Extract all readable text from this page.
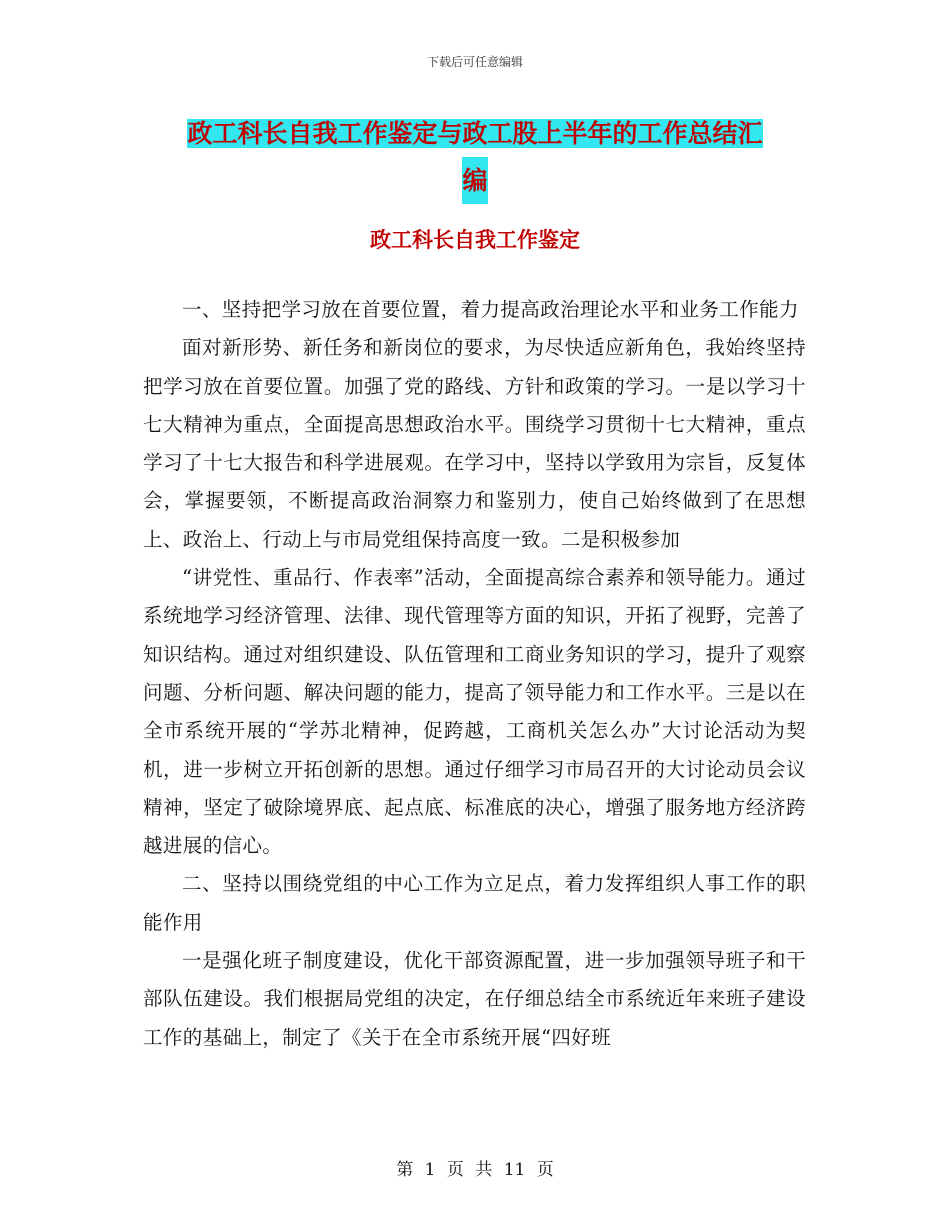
下载后可任意编辑
政工科长自我工作鉴定与政工股上半年的工作总结汇
编
政工科长自我工作鉴定

一、坚持把学习放在首要位置，着力提高政治理论水平和业务工作能力

面对新形势、新任务和新岗位的要求，为尽快适应新角色，我始终坚持把学习放在首要位置。加强了党的路线、方针和政策的学习。一是以学习十七大精神为重点，全面提高思想政治水平。围绕学习贯彻十七大精神，重点学习了十七大报告和科学进展观。在学习中，坚持以学致用为宗旨，反复体会，掌握要领，不断提高政治洞察力和鉴别力，使自己始终做到了在思想上、政治上、行动上与市局党组保持高度一致。二是积极参加

“讲党性、重品行、作表率”活动，全面提高综合素养和领导能力。通过系统地学习经济管理、法律、现代管理等方面的知识，开拓了视野，完善了知识结构。通过对组织建设、队伍管理和工商业务知识的学习，提升了观察问题、分析问题、解决问题的能力，提高了领导能力和工作水平。三是以在全市系统开展的“学苏北精神，促跨越，工商机关怎么办”大讨论活动为契机，进一步树立开拓创新的思想。通过仔细学习市局召开的大讨论动员会议精神，坚定了破除境界底、起点底、标准底的决心，增强了服务地方经济跨越进展的信心。

二、坚持以围绕党组的中心工作为立足点，着力发挥组织人事工作的职能作用

一是强化班子制度建设，优化干部资源配置，进一步加强领导班子和干部队伍建设。我们根据局党组的决定，在仔细总结全市系统近年来班子建设工作的基础上，制定了《关于在全市系统开展“四好班

第 1 页 共 11 页
